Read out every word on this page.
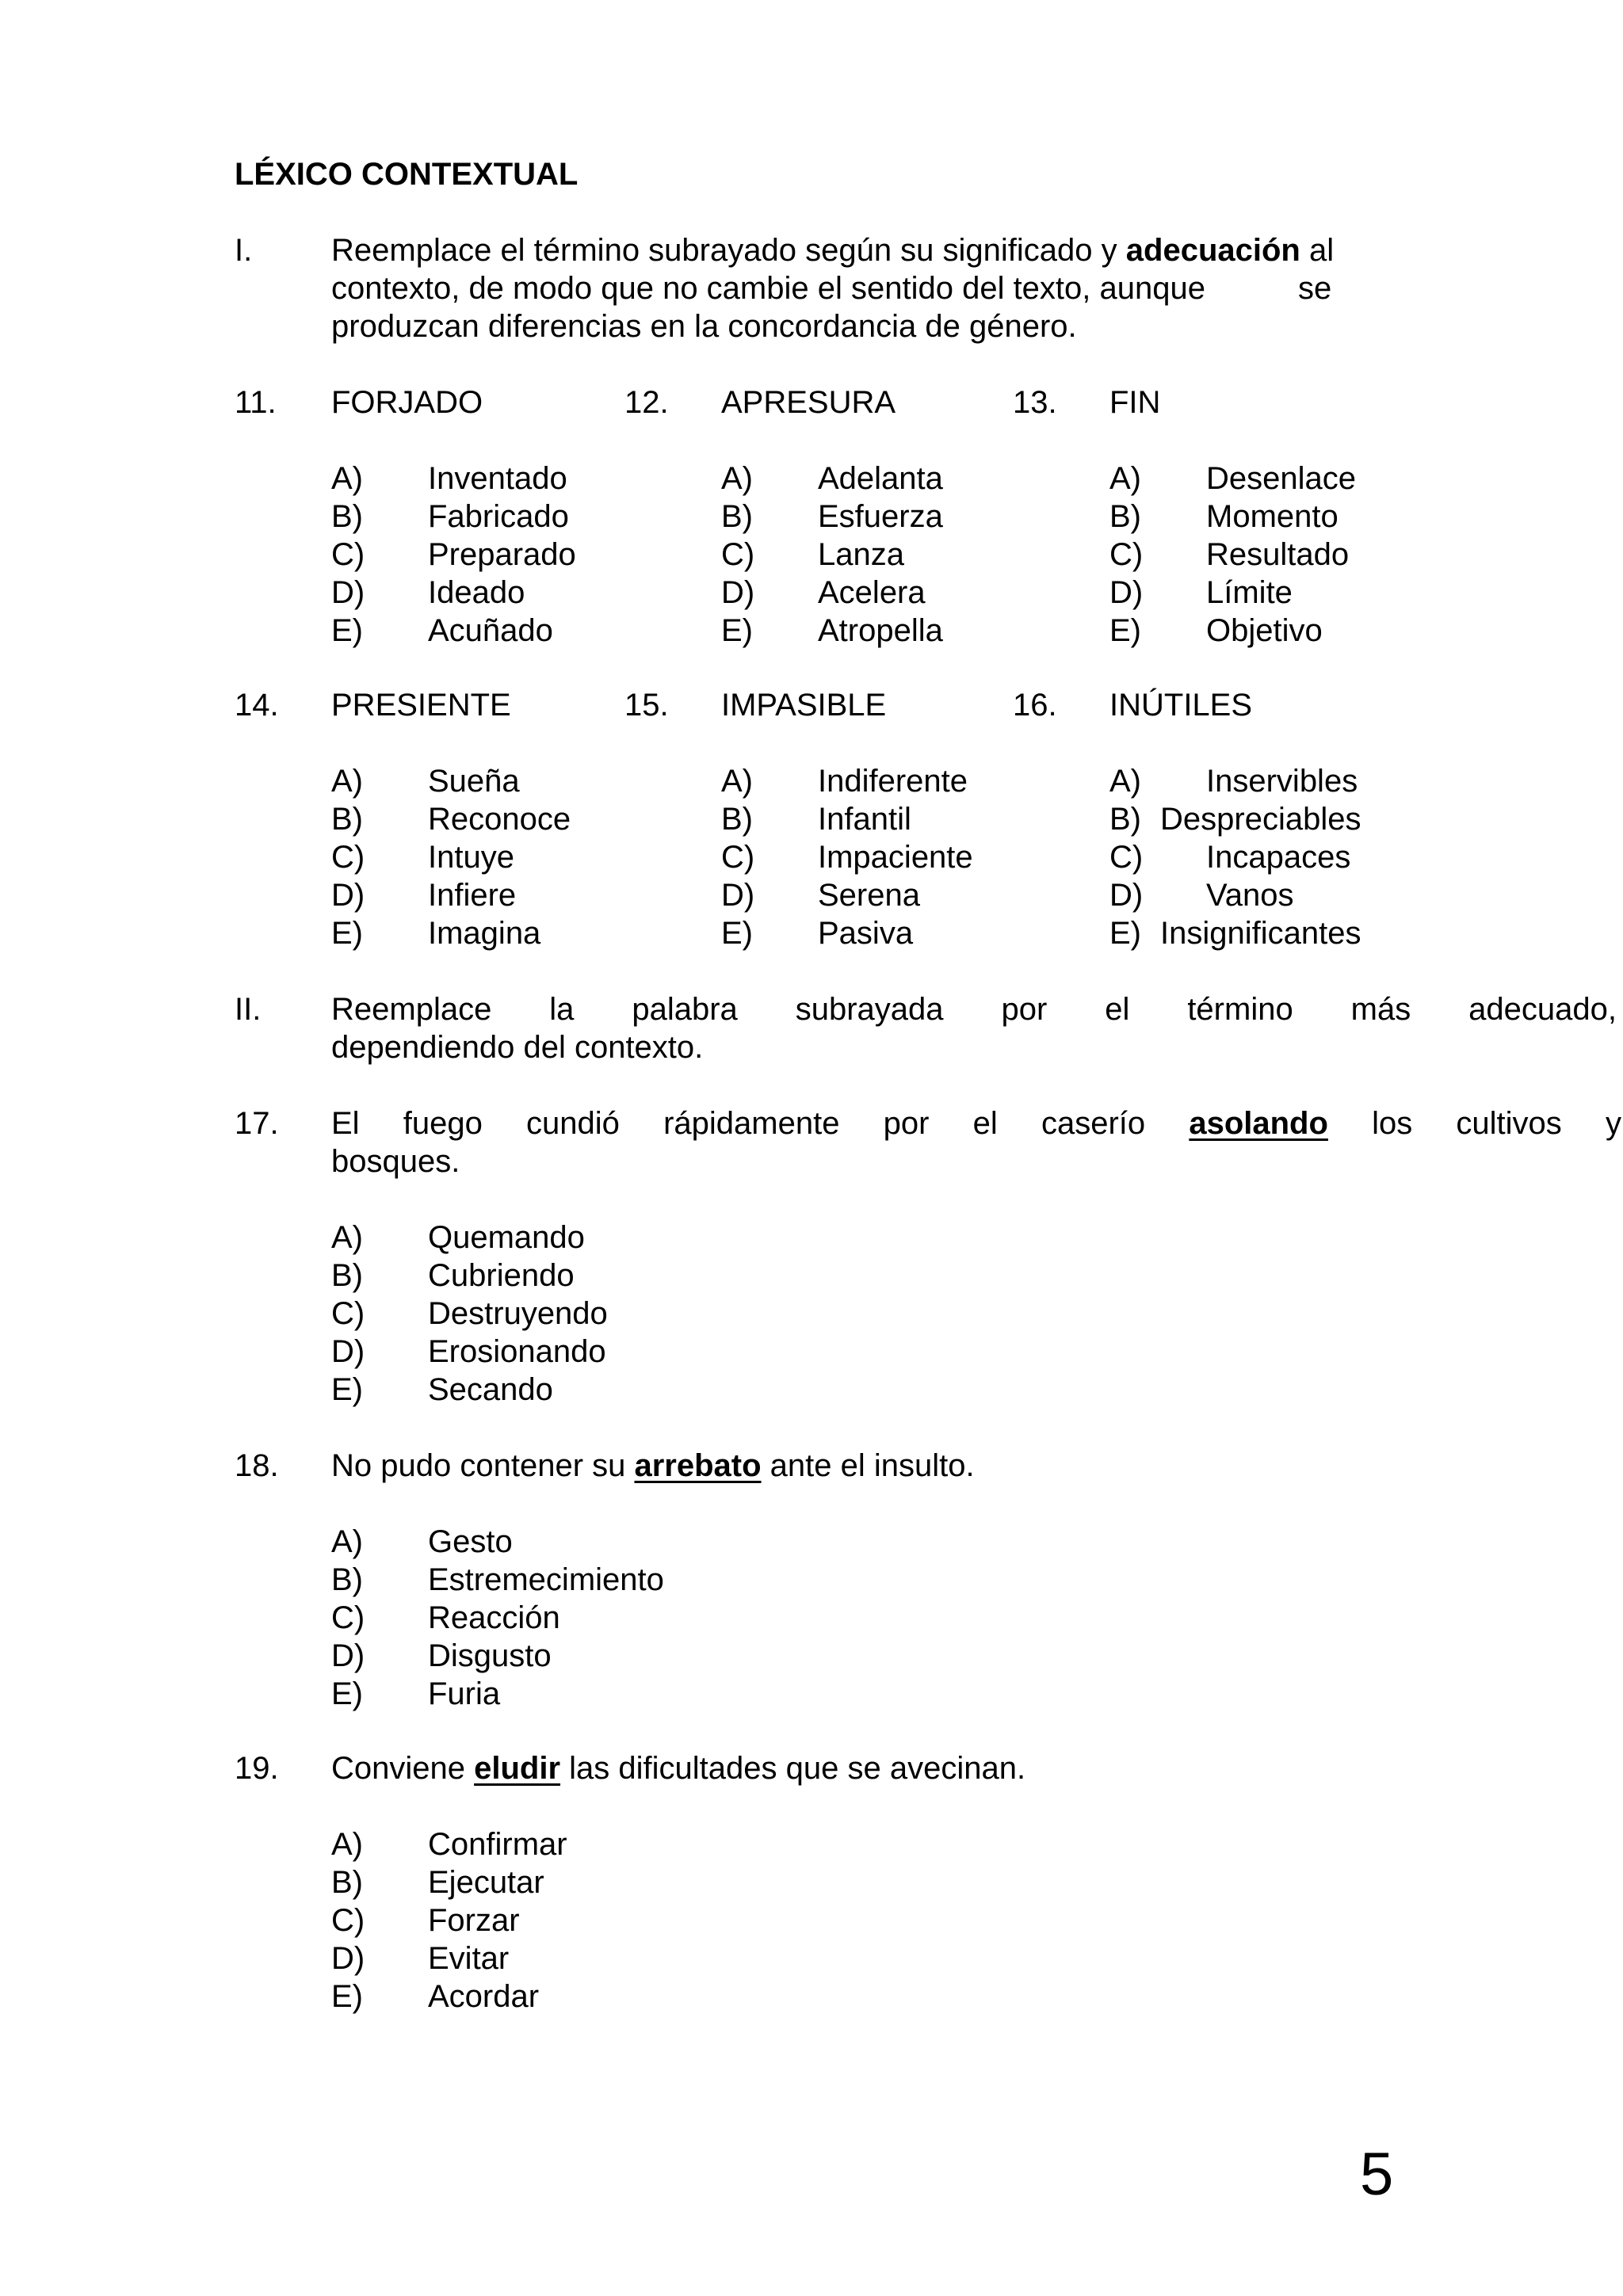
LÉXICO CONTEXTUAL
I. Reemplace el término subrayado según su significado y adecuación al
contexto, de modo que no cambie el sentido del texto, aunque	se
produzcan diferencias en la concordancia de género.
11. FORJADO
A) Inventado
B) Fabricado
C) Preparado
D) Ideado
E) Acuñado
12. APRESURA
A) Adelanta
B) Esfuerza
C) Lanza
D) Acelera
E) Atropella
13. FIN
A) Desenlace
B) Momento
C) Resultado
D) Límite
E) Objetivo
14. PRESIENTE
A) Sueña
B) Reconoce
C) Intuye
D) Infiere
E) Imagina
15. IMPASIBLE
A) Indiferente
B) Infantil
C) Impaciente
D) Serena
E) Pasiva
16. INÚTILES
A) Inservibles
B) Despreciables
C) Incapaces
D) Vanos
E) Insignificantes
II. Reemplace la palabra subrayada por el término más adecuado,
dependiendo del contexto.
17. El fuego cundió rápidamente por el caserío asolando los cultivos y
bosques.
A) Quemando
B) Cubriendo
C) Destruyendo
D) Erosionando
E) Secando
18. No pudo contener su arrebato ante el insulto.
A) Gesto
B) Estremecimiento
C) Reacción
D) Disgusto
E) Furia
19. Conviene eludir las dificultades que se avecinan.
A) Confirmar
B) Ejecutar
C) Forzar
D) Evitar
E) Acordar
5
